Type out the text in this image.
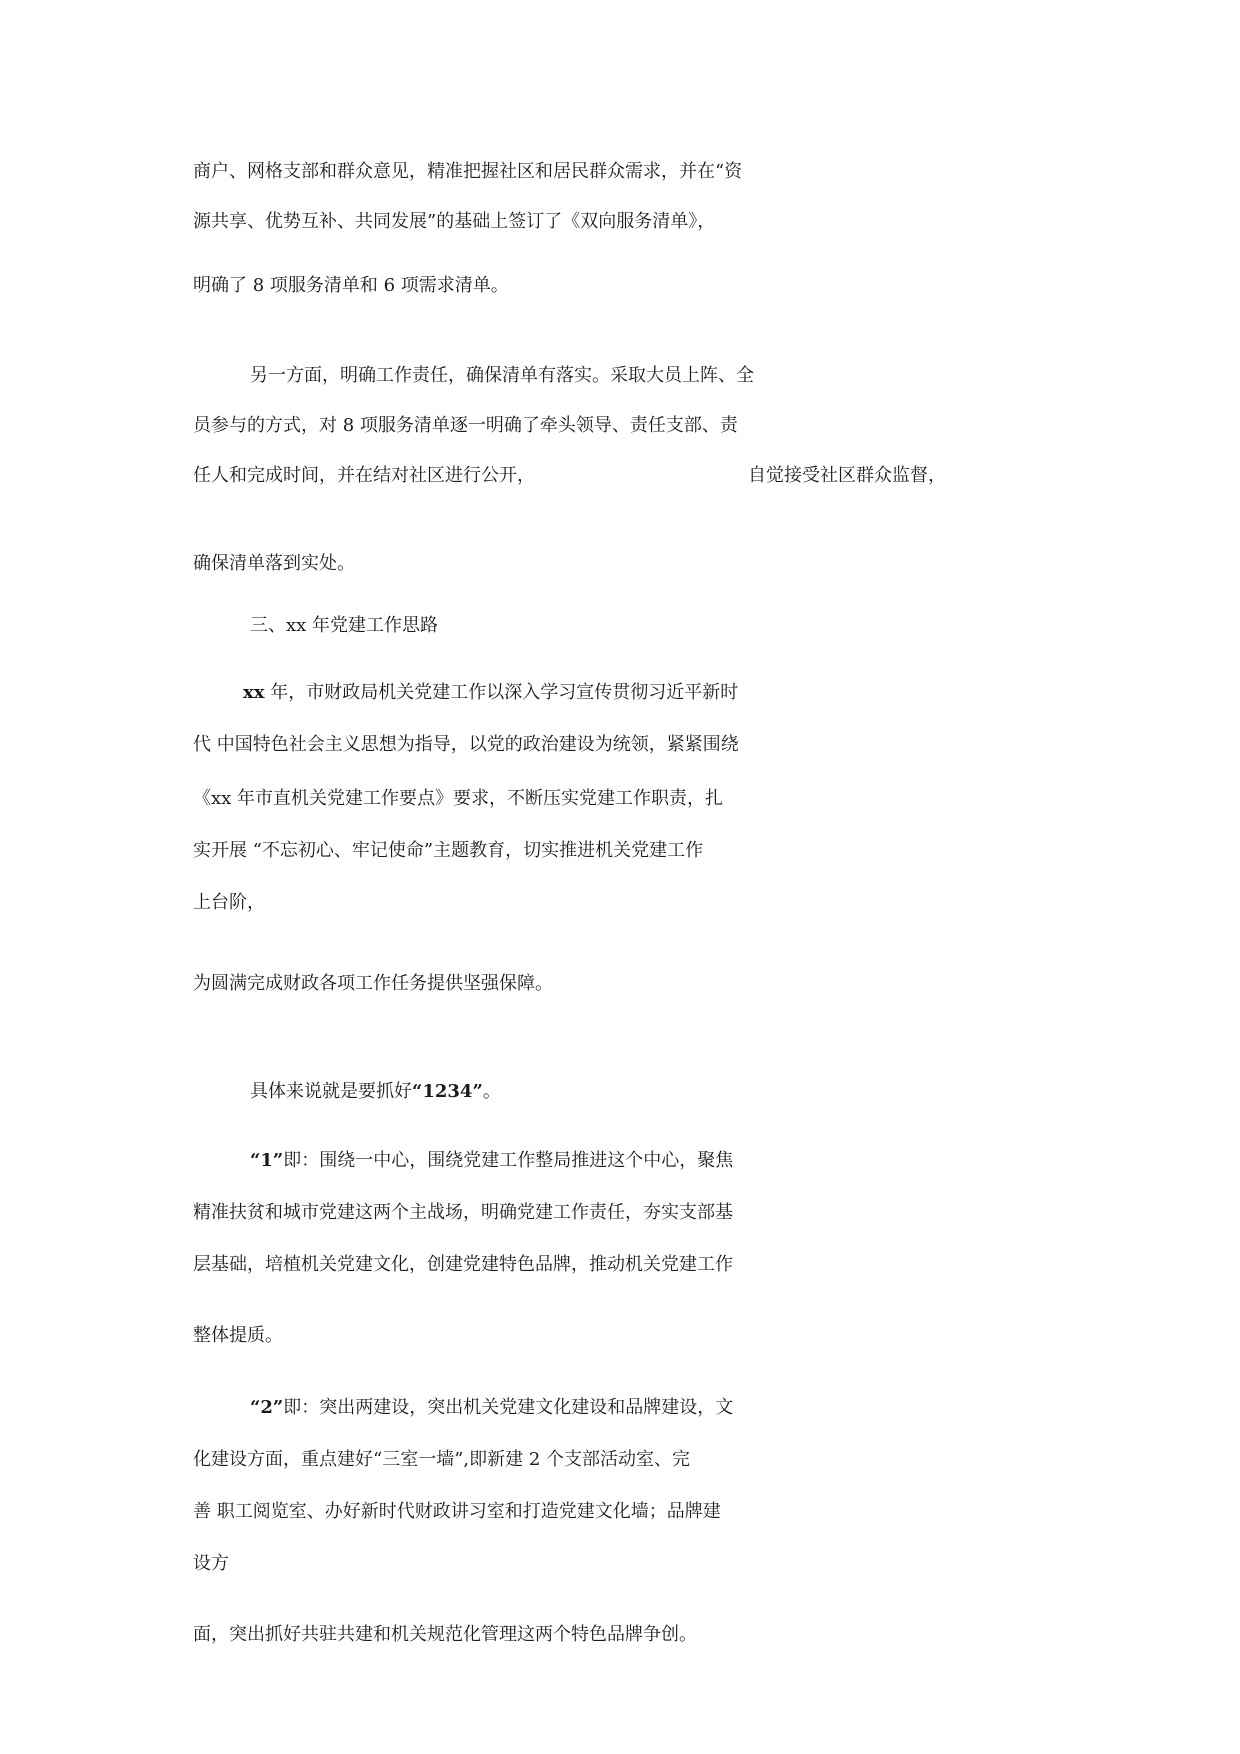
商户、网格支部和群众意见，精准把握社区和居民群众需求，并在“资

源共享、优势互补、共同发展”的基础上签订了《双向服务清单》，

明确了 8 项服务清单和 6 项需求清单。

另一方面，明确工作责任，确保清单有落实。采取大员上阵、全

员参与的方式，对 8 项服务清单逐一明确了牵头领导、责任支部、责

任人和完成时间，并在结对社区进行公开，	自觉接受社区群众监督，

确保清单落到实处。

三、xx 年党建工作思路

xx 年，市财政局机关党建工作以深入学习宣传贯彻习近平新时

代 中国特色社会主义思想为指导，以党的政治建设为统领，紧紧围绕

《xx 年市直机关党建工作要点》要求，不断压实党建工作职责，扎

实开展 “不忘初心、牢记使命”主题教育，切实推进机关党建工作

上台阶，

为圆满完成财政各项工作任务提供坚强保障。

具体来说就是要抓好“1234”。

“1”即：围绕一中心，围绕党建工作整局推进这个中心，聚焦

精准扶贫和城市党建这两个主战场，明确党建工作责任，夯实支部基

层基础，培植机关党建文化，创建党建特色品牌，推动机关党建工作

整体提质。

“2”即：突出两建设，突出机关党建文化建设和品牌建设，文

化建设方面，重点建好“三室一墙”,即新建 2 个支部活动室、完

善 职工阅览室、办好新时代财政讲习室和打造党建文化墙；品牌建

设方

面，突出抓好共驻共建和机关规范化管理这两个特色品牌争创。
